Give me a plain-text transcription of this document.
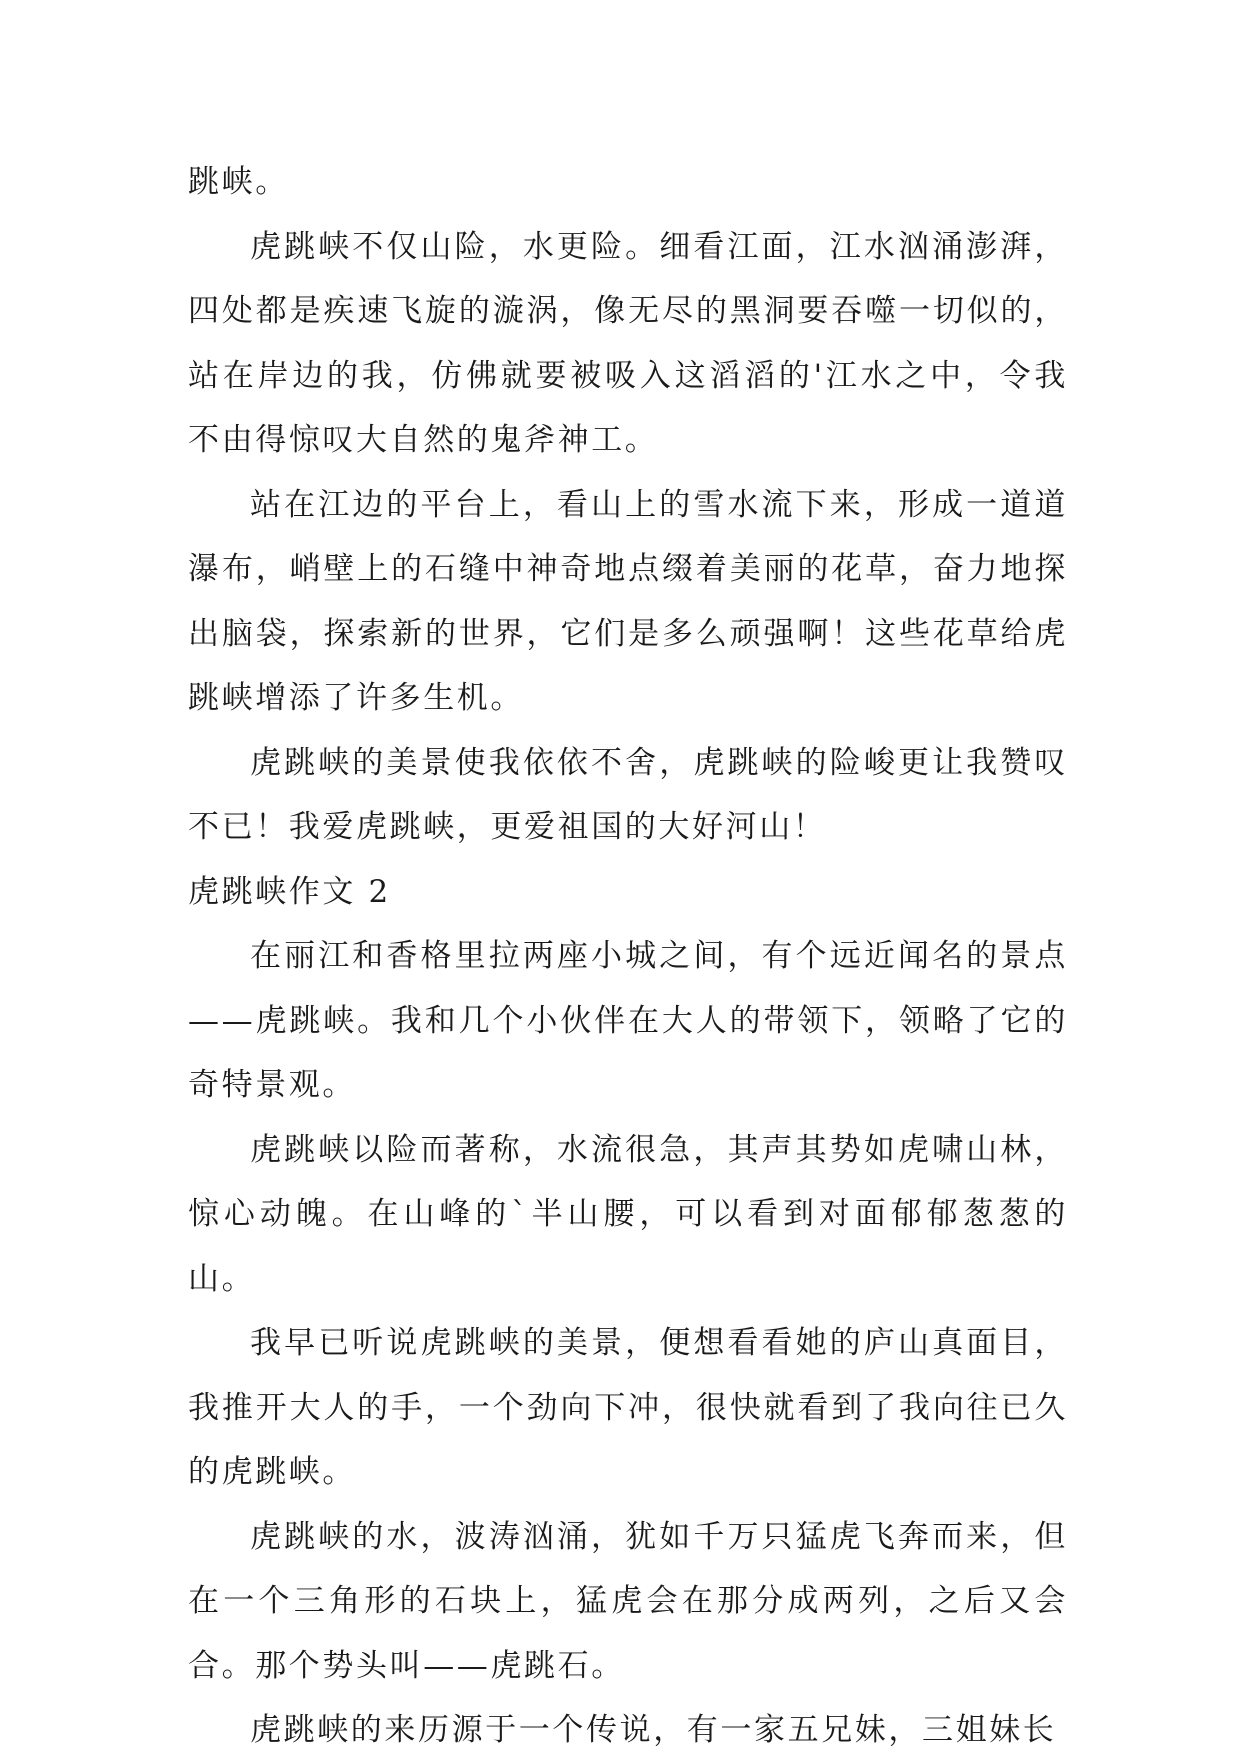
跳峡。

虎跳峡不仅山险，水更险。细看江面，江水汹涌澎湃，四处都是疾速飞旋的漩涡，像无尽的黑洞要吞噬一切似的，站在岸边的我，仿佛就要被吸入这滔滔的'江水之中，令我不由得惊叹大自然的鬼斧神工。

站在江边的平台上，看山上的雪水流下来，形成一道道瀑布，峭壁上的石缝中神奇地点缀着美丽的花草，奋力地探出脑袋，探索新的世界，它们是多么顽强啊！这些花草给虎跳峡增添了许多生机。

虎跳峡的美景使我依依不舍，虎跳峡的险峻更让我赞叹不已！我爱虎跳峡，更爱祖国的大好河山！

虎跳峡作文 2

在丽江和香格里拉两座小城之间，有个远近闻名的景点——虎跳峡。我和几个小伙伴在大人的带领下，领略了它的奇特景观。

虎跳峡以险而著称，水流很急，其声其势如虎啸山林，惊心动魄。在山峰的`半山腰，可以看到对面郁郁葱葱的山。

我早已听说虎跳峡的美景，便想看看她的庐山真面目，我推开大人的手，一个劲向下冲，很快就看到了我向往已久的虎跳峡。

虎跳峡的水，波涛汹涌，犹如千万只猛虎飞奔而来，但在一个三角形的石块上，猛虎会在那分成两列，之后又会合。那个势头叫——虎跳石。

虎跳峡的来历源于一个传说，有一家五兄妹，三姐妹长
